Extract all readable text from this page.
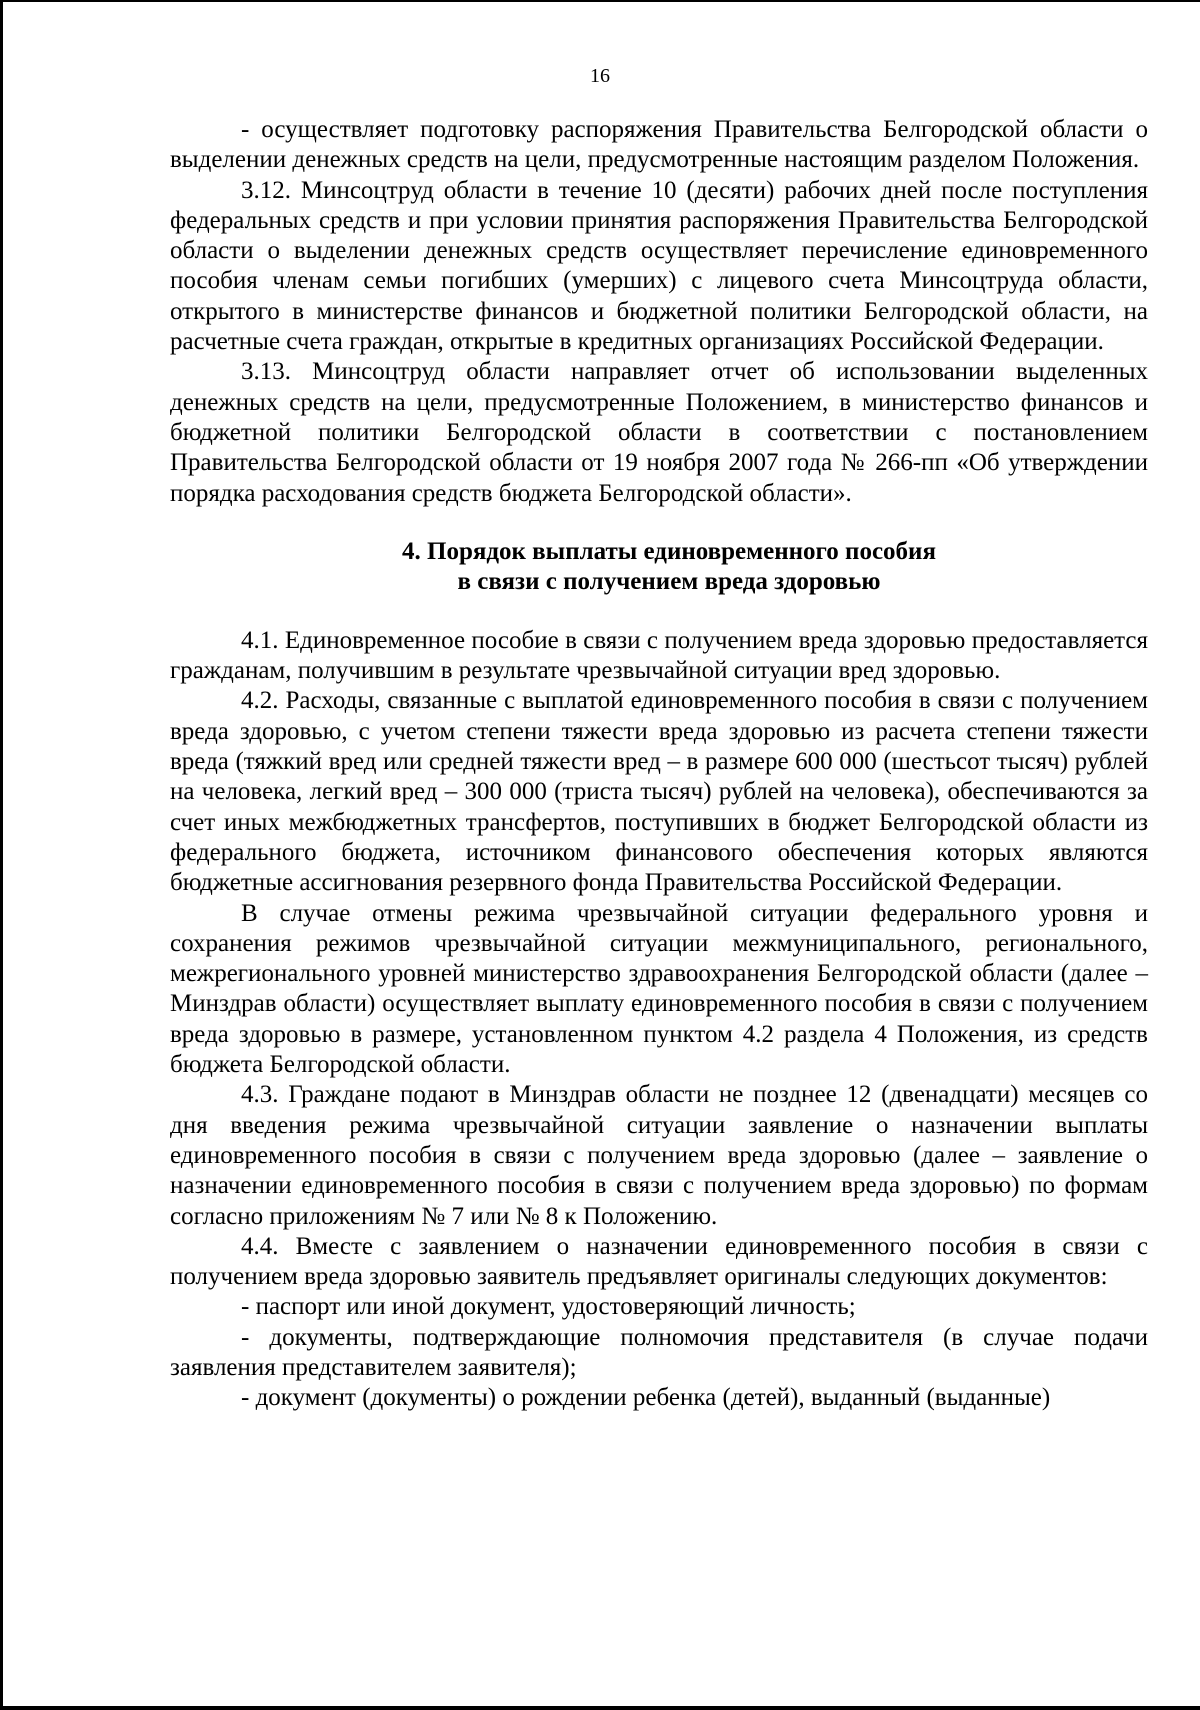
16

- осуществляет подготовку распоряжения Правительства Белгородской области о выделении денежных средств на цели, предусмотренные настоящим разделом Положения.

3.12. Минсоцтруд области в течение 10 (десяти) рабочих дней после поступления федеральных средств и при условии принятия распоряжения Правительства Белгородской области о выделении денежных средств осуществляет перечисление единовременного пособия членам семьи погибших (умерших) с лицевого счета Минсоцтруда области, открытого в министерстве финансов и бюджетной политики Белгородской области, на расчетные счета граждан, открытые в кредитных организациях Российской Федерации.

3.13. Минсоцтруд области направляет отчет об использовании выделенных денежных средств на цели, предусмотренные Положением, в министерство финансов и бюджетной политики Белгородской области в соответствии с постановлением Правительства Белгородской области от 19 ноября 2007 года № 266-пп «Об утверждении порядка расходования средств бюджета Белгородской области».

4. Порядок выплаты единовременного пособия
в связи с получением вреда здоровью

4.1. Единовременное пособие в связи с получением вреда здоровью предоставляется гражданам, получившим в результате чрезвычайной ситуации вред здоровью.

4.2. Расходы, связанные с выплатой единовременного пособия в связи с получением вреда здоровью, с учетом степени тяжести вреда здоровью из расчета степени тяжести вреда (тяжкий вред или средней тяжести вред – в размере 600 000 (шестьсот тысяч) рублей на человека, легкий вред – 300 000 (триста тысяч) рублей на человека), обеспечиваются за счет иных межбюджетных трансфертов, поступивших в бюджет Белгородской области из федерального бюджета, источником финансового обеспечения которых являются бюджетные ассигнования резервного фонда Правительства Российской Федерации.

В случае отмены режима чрезвычайной ситуации федерального уровня и сохранения режимов чрезвычайной ситуации межмуниципального, регионального, межрегионального уровней министерство здравоохранения Белгородской области (далее – Минздрав области) осуществляет выплату единовременного пособия в связи с получением вреда здоровью в размере, установленном пунктом 4.2 раздела 4 Положения, из средств бюджета Белгородской области.

4.3. Граждане подают в Минздрав области не позднее 12 (двенадцати) месяцев со дня введения режима чрезвычайной ситуации заявление о назначении выплаты единовременного пособия в связи с получением вреда здоровью (далее – заявление о назначении единовременного пособия в связи с получением вреда здоровью) по формам согласно приложениям № 7 или № 8 к Положению.

4.4. Вместе с заявлением о назначении единовременного пособия в связи с получением вреда здоровью заявитель предъявляет оригиналы следующих документов:

- паспорт или иной документ, удостоверяющий личность;

- документы, подтверждающие полномочия представителя (в случае подачи заявления представителем заявителя);

- документ (документы) о рождении ребенка (детей), выданный (выданные)
